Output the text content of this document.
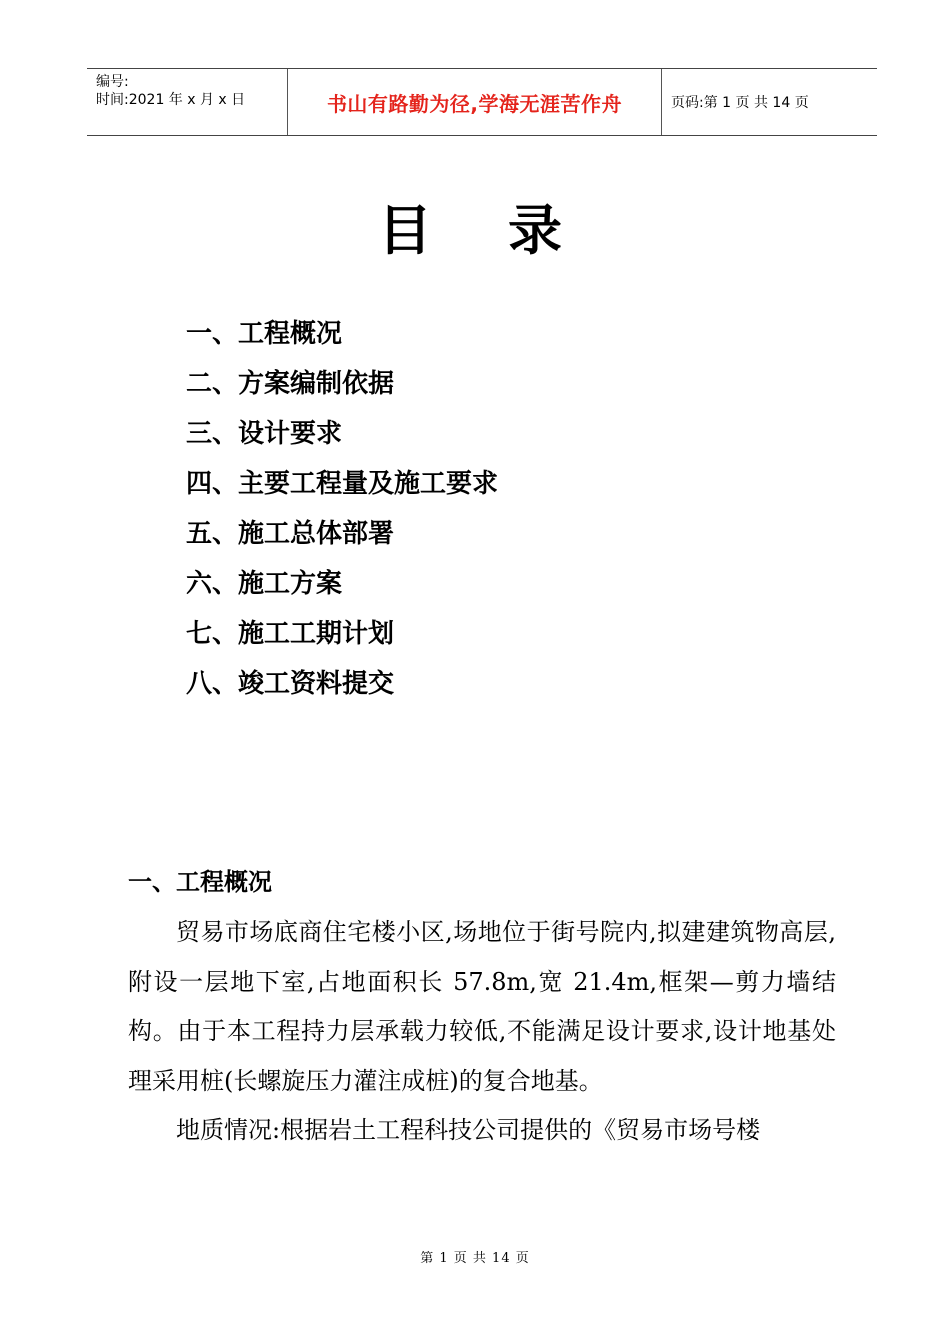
编号:
时间:2021 年 x 月 x 日	书山有路勤为径,学海无涯苦作舟	页码:第 1 页 共 14 页
目录
一、工程概况
二、方案编制依据
三、设计要求
四、主要工程量及施工要求
五、施工总体部署
六、施工方案
七、施工工期计划
八、竣工资料提交
一、工程概况

贸易市场底商住宅楼小区,场地位于街号院内,拟建建筑物高层,附设一层地下室,占地面积长 57.8m,宽 21.4m,框架—剪力墙结构。由于本工程持力层承载力较低,不能满足设计要求,设计地基处理采用桩(长螺旋压力灌注成桩)的复合地基。

地质情况:根据岩土工程科技公司提供的《贸易市场号楼

第 1 页 共 14 页
